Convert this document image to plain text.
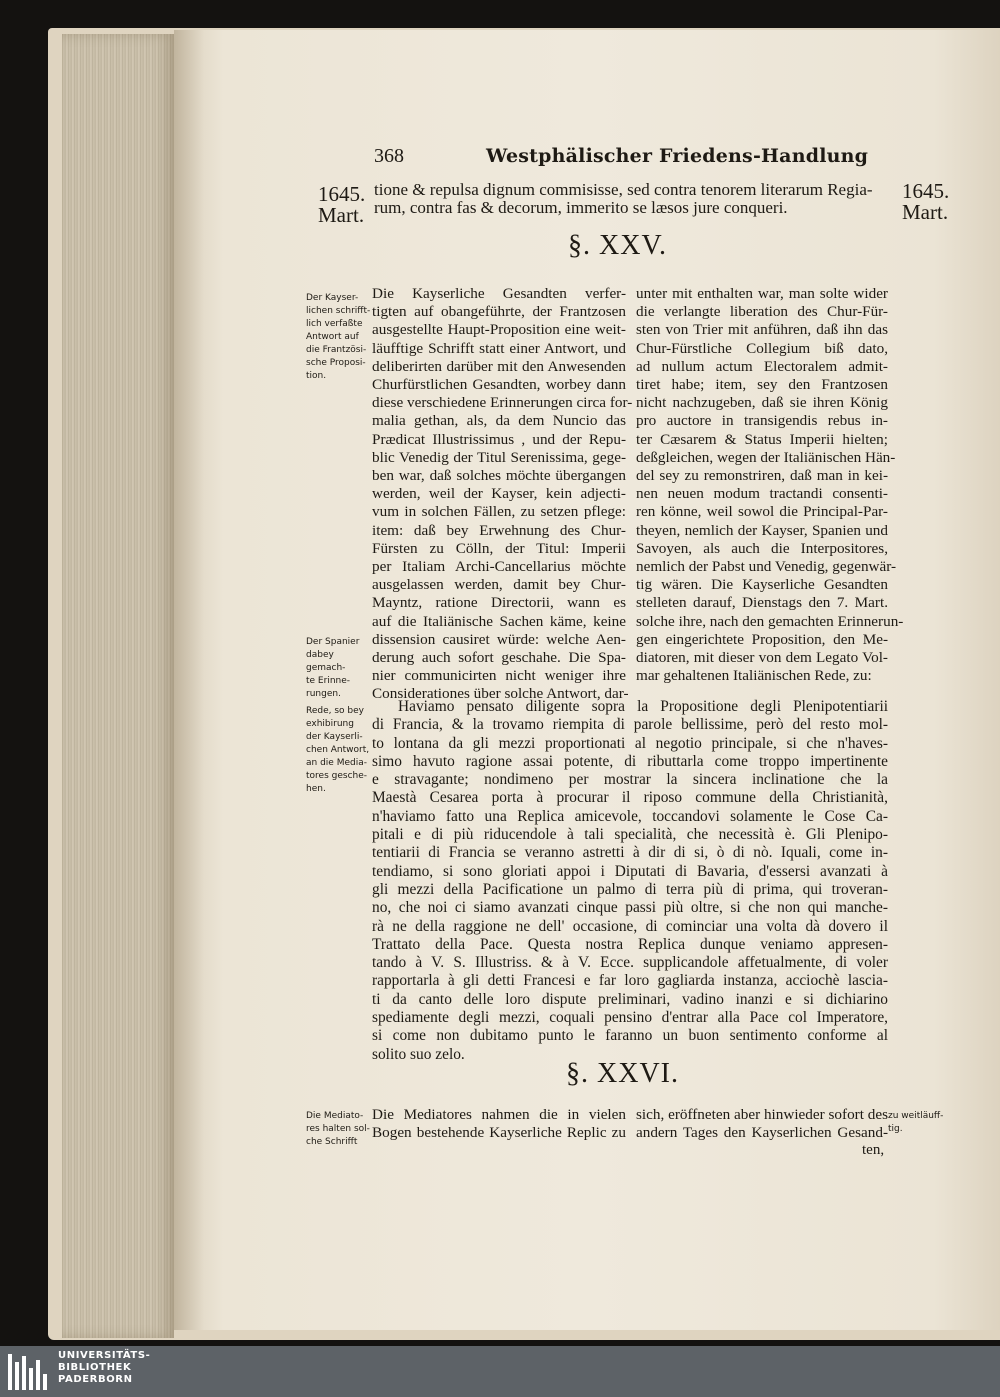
368	Westphälischer Friedens-Handlung
1645.
Mart.
1645.
Mart.
tione & repulsa dignum commisisse, sed contra tenorem literarum Regia-
rum, contra fas & decorum, immerito se læsos jure conqueri.
§. XXV.
Der Kayser-
lichen schrifft-
lich verfaßte
Antwort auf
die Frantzösi-
sche Proposi-
tion.
Der Spanier
dabey gemach-
te Erinne-
rungen.
Rede, so bey
exhibirung
der Kayserli-
chen Antwort,
an die Media-
tores gesche-
hen.
Die Mediato-
res halten sol-
che Schrifft
zu weitläuff-
tig.
Die Kayserliche Gesandten verfer-
tigten auf obangeführte, der Frantzosen
ausgestellte Haupt-Proposition eine weit-
läufftige Schrifft statt einer Antwort, und
deliberirten darüber mit den Anwesenden
Churfürstlichen Gesandten, worbey dann
diese verschiedene Erinnerungen circa for-
malia gethan, als, da dem Nuncio das
Prædicat Illustrissimus , und der Repu-
blic Venedig der Titul Serenissima, gege-
ben war, daß solches möchte übergangen
werden, weil der Kayser, kein adjecti-
vum in solchen Fällen, zu setzen pflege:
item: daß bey Erwehnung des Chur-
Fürsten zu Cölln, der Titul: Imperii
per Italiam Archi-Cancellarius möchte
ausgelassen werden, damit bey Chur-
Mayntz, ratione Directorii, wann es
auf die Italiänische Sachen käme, keine
dissension causiret würde: welche Aen-
derung auch sofort geschahe. Die Spa-
nier communicirten nicht weniger ihre
Considerationes über solche Antwort, dar-
unter mit enthalten war, man solte wider
die verlangte liberation des Chur-Für-
sten von Trier mit anführen, daß ihn das
Chur-Fürstliche Collegium biß dato,
ad nullum actum Electoralem admit-
tiret habe; item, sey den Frantzosen
nicht nachzugeben, daß sie ihren König
pro auctore in transigendis rebus in-
ter Cæsarem & Status Imperii hielten;
deßgleichen, wegen der Italiänischen Hän-
del sey zu remonstriren, daß man in kei-
nen neuen modum tractandi consenti-
ren könne, weil sowol die Principal-Par-
theyen, nemlich der Kayser, Spanien und
Savoyen, als auch die Interpositores,
nemlich der Pabst und Venedig, gegenwär-
tig wären. Die Kayserliche Gesandten
stelleten darauf, Dienstags den 7. Mart.
solche ihre, nach den gemachten Erinnerun-
gen eingerichtete Proposition, den Me-
diatoren, mit dieser von dem Legato Vol-
mar gehaltenen Italiänischen Rede, zu:
Haviamo pensato diligente sopra la Propositione degli Plenipotentiarii
di Francia, & la trovamo riempita di parole bellissime, però del resto mol-
to lontana da gli mezzi proportionati al negotio principale, si che n'haves-
simo havuto ragione assai potente, di ributtarla come troppo impertinente
e stravagante; nondimeno per mostrar la sincera inclinatione che la
Maestà Cesarea porta à procurar il riposo commune della Christianità,
n'haviamo fatto una Replica amicevole, toccandovi solamente le Cose Ca-
pitali e di più riducendole à tali specialità, che necessità è. Gli Plenipo-
tentiarii di Francia se veranno astretti à dir di si, ò di nò. Iquali, come in-
tendiamo, si sono gloriati appoi i Diputati di Bavaria, d'essersi avanzati à
gli mezzi della Pacificatione un palmo di terra più di prima, qui troveran-
no, che noi ci siamo avanzati cinque passi più oltre, si che non qui manche-
rà ne della raggione ne dell' occasione, di cominciar una volta dà dovero il
Trattato della Pace. Questa nostra Replica dunque veniamo appresen-
tando à V. S. Illustriss. & à V. Ecce. supplicandole affetualmente, di voler
rapportarla à gli detti Francesi e far loro gagliarda instanza, acciochè lascia-
ti da canto delle loro dispute preliminari, vadino inanzi e si dichiarino
spediamente degli mezzi, coquali pensino d'entrar alla Pace col Imperatore,
si come non dubitamo punto le faranno un buon sentimento conforme al
solito suo zelo.
§. XXVI.
Die Mediatores nahmen die in vielen
Bogen bestehende Kayserliche Replic zu
sich, eröffneten aber hinwieder sofort des
andern Tages den Kayserlichen Gesand-
ten,
UNIVERSITÄTS-
BIBLIOTHEK
PADERBORN
